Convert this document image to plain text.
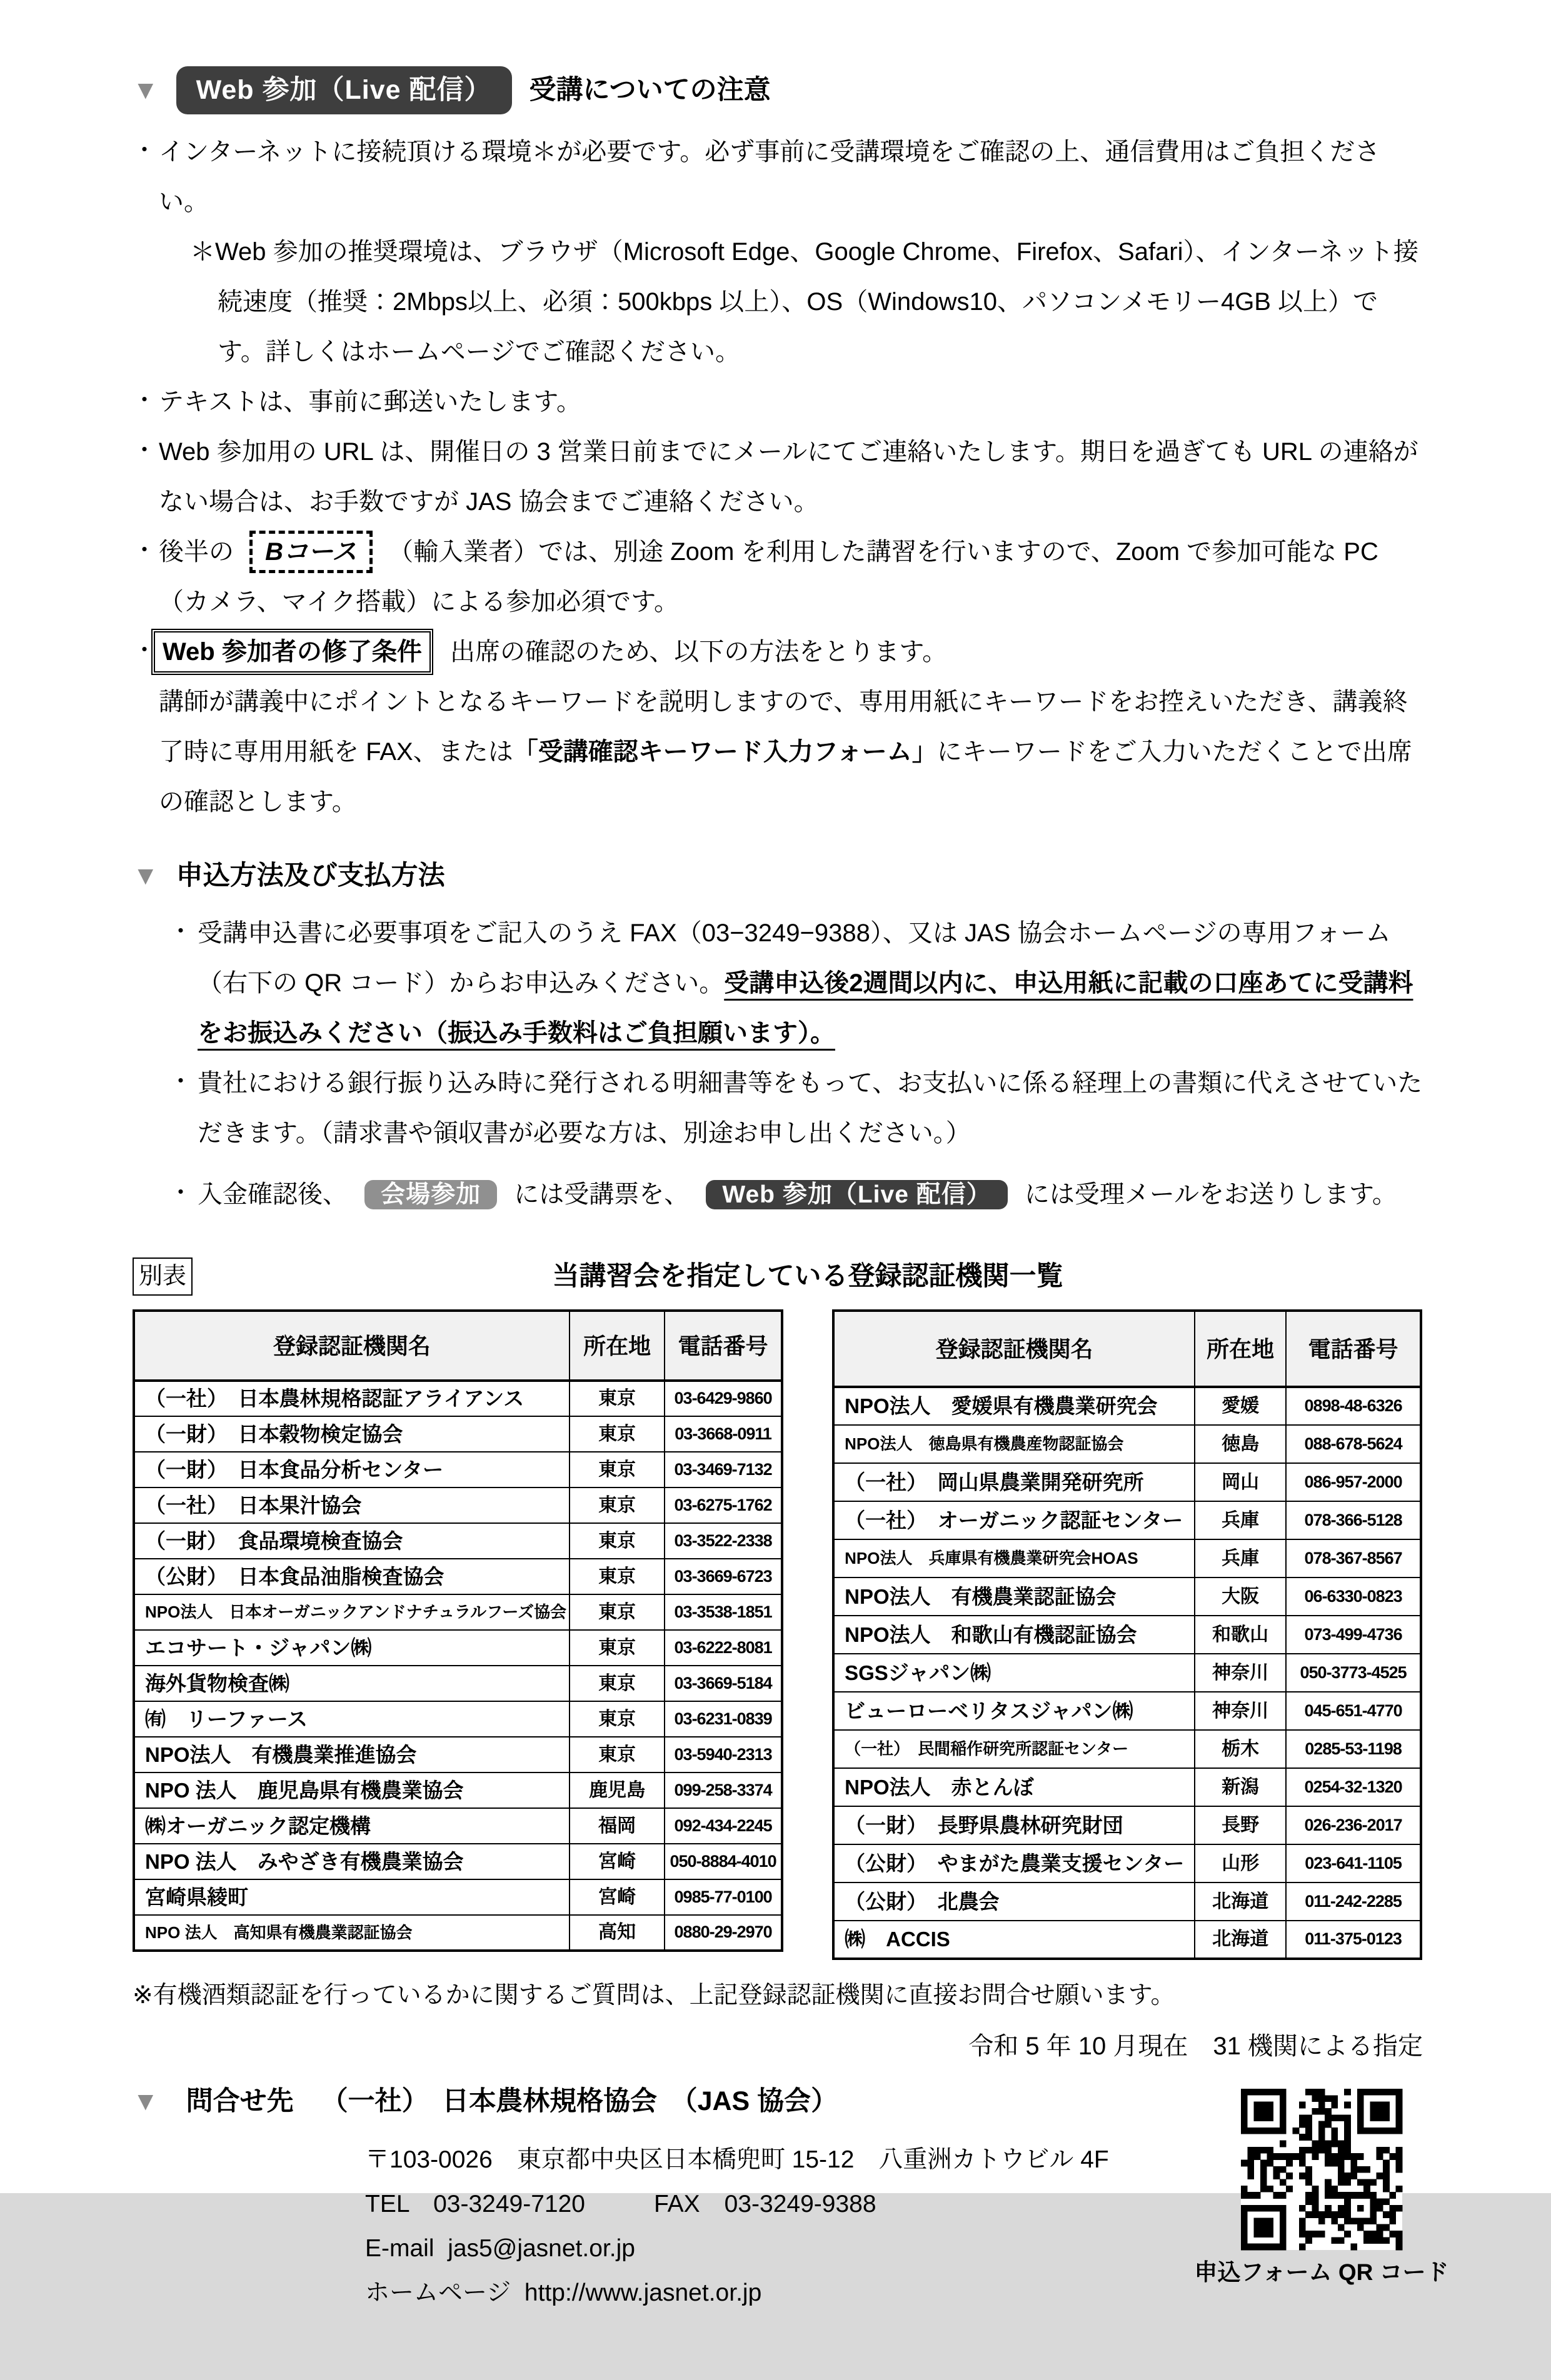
▼	Web 参加（Live 配信）	受講についての注意
・ インターネットに接続頂ける環境＊が必要です。必ず事前に受講環境をご確認の上、通信費用はご負担ください。
＊Web 参加の推奨環境は、ブラウザ（Microsoft Edge、Google Chrome、Firefox、Safari）、インターネット接続速度（推奨：2Mbps以上、必須：500kbps 以上）、OS（Windows10、パソコンメモリー4GB 以上）です。詳しくはホームページでご確認ください。
・ テキストは、事前に郵送いたします。
・ Web 参加用の URL は、開催日の 3 営業日前までにメールにてご連絡いたします。期日を過ぎても URL の連絡がない場合は、お手数ですが JAS 協会までご連絡ください。
・ 後半の Bコース （輸入業者）では、別途 Zoom を利用した講習を行いますので、Zoom で参加可能な PC（カメラ、マイク搭載）による参加必須です。
・ Web 参加者の修了条件 出席の確認のため、以下の方法をとります。
講師が講義中にポイントとなるキーワードを説明しますので、専用用紙にキーワードをお控えいただき、講義終了時に専用用紙を FAX、または「受講確認キーワード入力フォーム」にキーワードをご入力いただくことで出席の確認とします。
▼ 申込方法及び支払方法
・ 受講申込書に必要事項をご記入のうえ FAX（03−3249−9388）、又は JAS 協会ホームページの専用フォーム（右下の QR コード）からお申込みください。受講申込後2週間以内に、申込用紙に記載の口座あてに受講料をお振込みください（振込み手数料はご負担願います）。
・ 貴社における銀行振り込み時に発行される明細書等をもって、お支払いに係る経理上の書類に代えさせていただきます。（請求書や領収書が必要な方は、別途お申し出ください。）
・ 入金確認後、 会場参加 には受講票を、 Web 参加（Live 配信） には受理メールをお送りします。
別表	当講習会を指定している登録認証機関一覧
登録認証機関名	所在地	電話番号
（一社）　日本農林規格認証アライアンス	東京	03-6429-9860
（一財）　日本穀物検定協会	東京	03-3668-0911
（一財）　日本食品分析センター	東京	03-3469-7132
（一社）　日本果汁協会	東京	03-6275-1762
（一財）　食品環境検査協会	東京	03-3522-2338
（公財）　日本食品油脂検査協会	東京	03-3669-6723
NPO法人　日本オーガニックアンドナチュラルフーズ協会	東京	03-3538-1851
エコサート・ジャパン㈱	東京	03-6222-8081
海外貨物検査㈱	東京	03-3669-5184
㈲　リーファース	東京	03-6231-0839
NPO法人　有機農業推進協会	東京	03-5940-2313
NPO 法人　鹿児島県有機農業協会	鹿児島	099-258-3374
㈱オーガニック認定機構	福岡	092-434-2245
NPO 法人　みやざき有機農業協会	宮崎	050-8884-4010
宮崎県綾町	宮崎	0985-77-0100
NPO 法人　高知県有機農業認証協会	高知	0880-29-2970
登録認証機関名	所在地	電話番号
NPO法人　愛媛県有機農業研究会	愛媛	0898-48-6326
NPO法人　徳島県有機農産物認証協会	徳島	088-678-5624
（一社）　岡山県農業開発研究所	岡山	086-957-2000
（一社）　オーガニック認証センター	兵庫	078-366-5128
NPO法人　兵庫県有機農業研究会HOAS	兵庫	078-367-8567
NPO法人　有機農業認証協会	大阪	06-6330-0823
NPO法人　和歌山有機認証協会	和歌山	073-499-4736
SGSジャパン㈱	神奈川	050-3773-4525
ビューローベリタスジャパン㈱	神奈川	045-651-4770
（一社）　民間稲作研究所認証センター	栃木	0285-53-1198
NPO法人　赤とんぼ	新潟	0254-32-1320
（一財）　長野県農林研究財団	長野	026-236-2017
（公財）　やまがた農業支援センター	山形	023-641-1105
（公財）　北農会	北海道	011-242-2285
㈱　ACCIS	北海道	011-375-0123
※有機酒類認証を行っているかに関するご質問は、上記登録認証機関に直接お問合せ願います。
令和 5 年 10 月現在　31 機関による指定
▼ 問合せ先 （一社）　日本農林規格協会　（JAS 協会）
〒103-0026　東京都中央区日本橋兜町 15-12　八重洲カトウビル 4F
TEL　03-3249-7120	FAX　03-3249-9388
E-mail jas5@jasnet.or.jp
ホームページ http://www.jasnet.or.jp
申込フォーム QR コード
